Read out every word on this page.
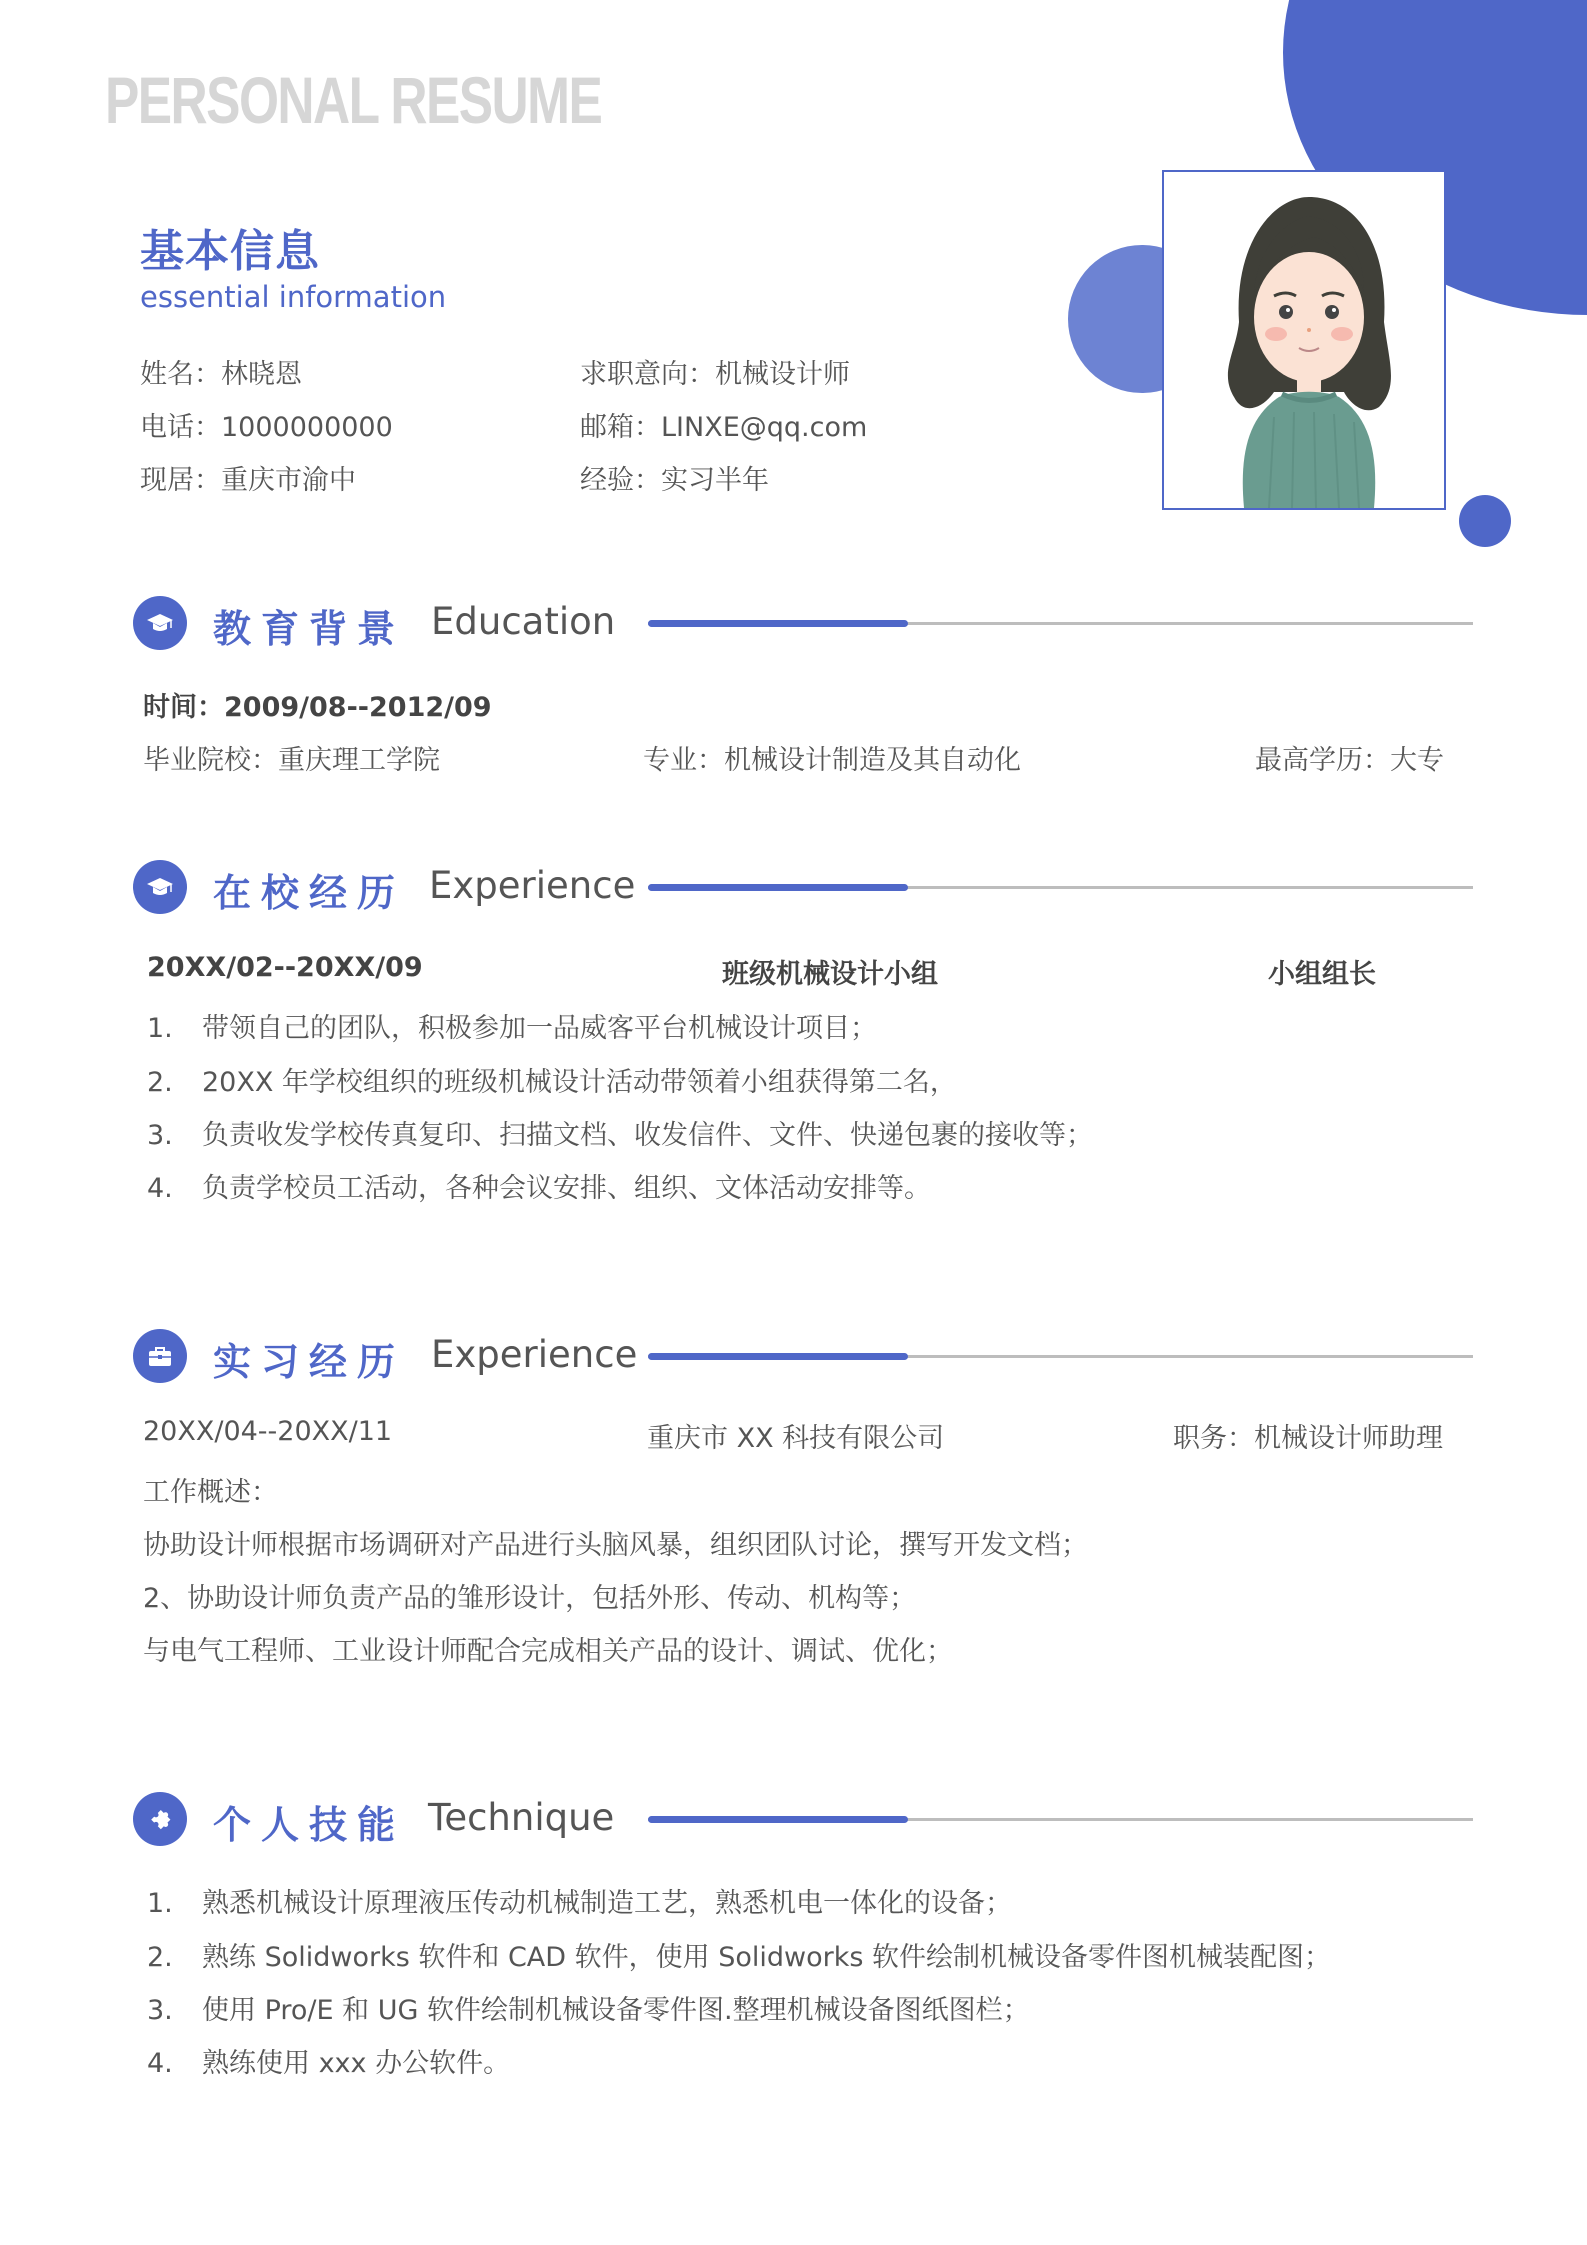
PERSONAL RESUME
基本信息
essential information
姓名：林晓恩	求职意向：机械设计师
电话：1000000000	邮箱：LINXE@qq.com
现居：重庆市渝中	经验：实习半年
教育背景 Education
时间：2009/08--2012/09
毕业院校：重庆理工学院	专业：机械设计制造及其自动化	最高学历：大专
在校经历 Experience
20XX/02--20XX/09	班级机械设计小组	小组组长
1. 带领自己的团队，积极参加一品威客平台机械设计项目；
2. 20XX 年学校组织的班级机械设计活动带领着小组获得第二名，
3. 负责收发学校传真复印、扫描文档、收发信件、文件、快递包裹的接收等；
4. 负责学校员工活动，各种会议安排、组织、文体活动安排等。
实习经历 Experience
20XX/04--20XX/11	重庆市 XX 科技有限公司	职务：机械设计师助理
工作概述：
协助设计师根据市场调研对产品进行头脑风暴，组织团队讨论，撰写开发文档；
2、协助设计师负责产品的雏形设计，包括外形、传动、机构等；
与电气工程师、工业设计师配合完成相关产品的设计、调试、优化；
个人技能 Technique
1. 熟悉机械设计原理液压传动机械制造工艺，熟悉机电一体化的设备；
2. 熟练 Solidworks 软件和 CAD 软件，使用 Solidworks 软件绘制机械设备零件图机械装配图；
3. 使用 Pro/E 和 UG 软件绘制机械设备零件图.整理机械设备图纸图栏；
4. 熟练使用 xxx 办公软件。
